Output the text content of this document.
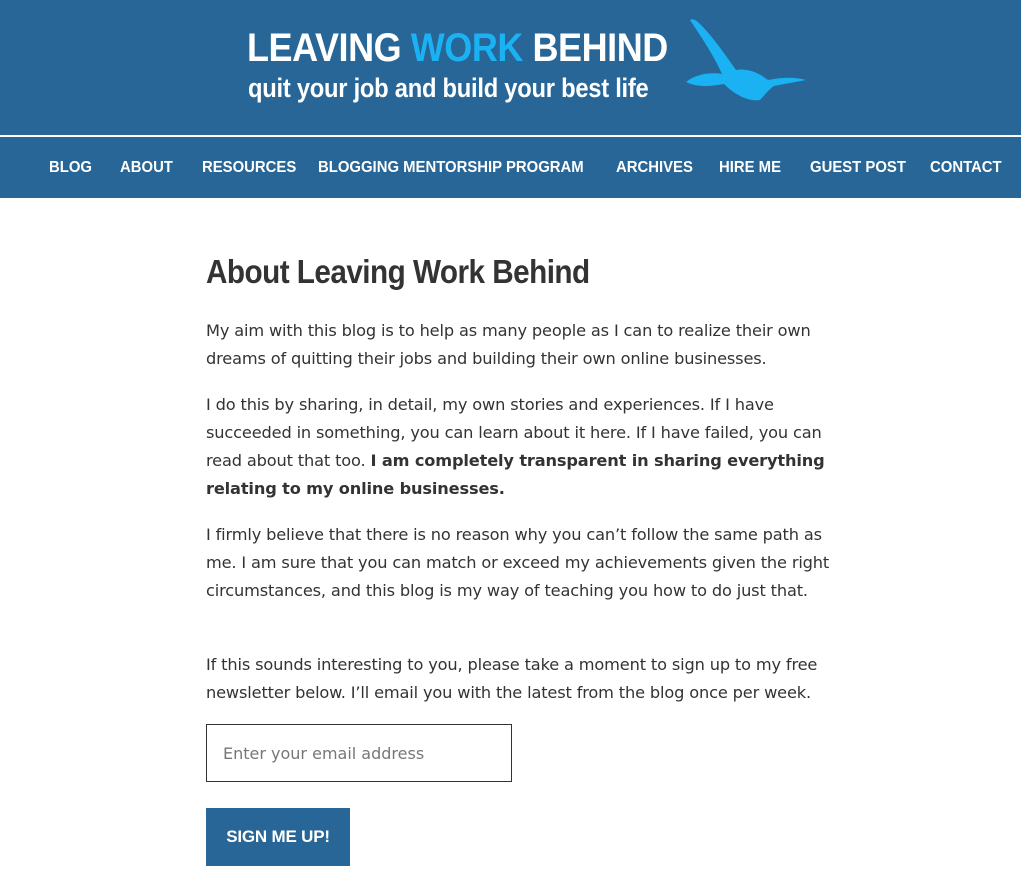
LEAVING WORK BEHIND
quit your job and build your best life
BLOG ABOUT RESOURCES BLOGGING MENTORSHIP PROGRAM ARCHIVES HIRE ME GUEST POST CONTACT
About Leaving Work Behind

My aim with this blog is to help as many people as I can to realize their own dreams of quitting their jobs and building their own online businesses.

I do this by sharing, in detail, my own stories and experiences. If I have succeeded in something, you can learn about it here. If I have failed, you can read about that too. I am completely transparent in sharing everything relating to my online businesses.

I firmly believe that there is no reason why you can’t follow the same path as me. I am sure that you can match or exceed my achievements given the right circumstances, and this blog is my way of teaching you how to do just that.

If this sounds interesting to you, please take a moment to sign up to my free newsletter below. I’ll email you with the latest from the blog once per week.

Enter your email address
SIGN ME UP!
